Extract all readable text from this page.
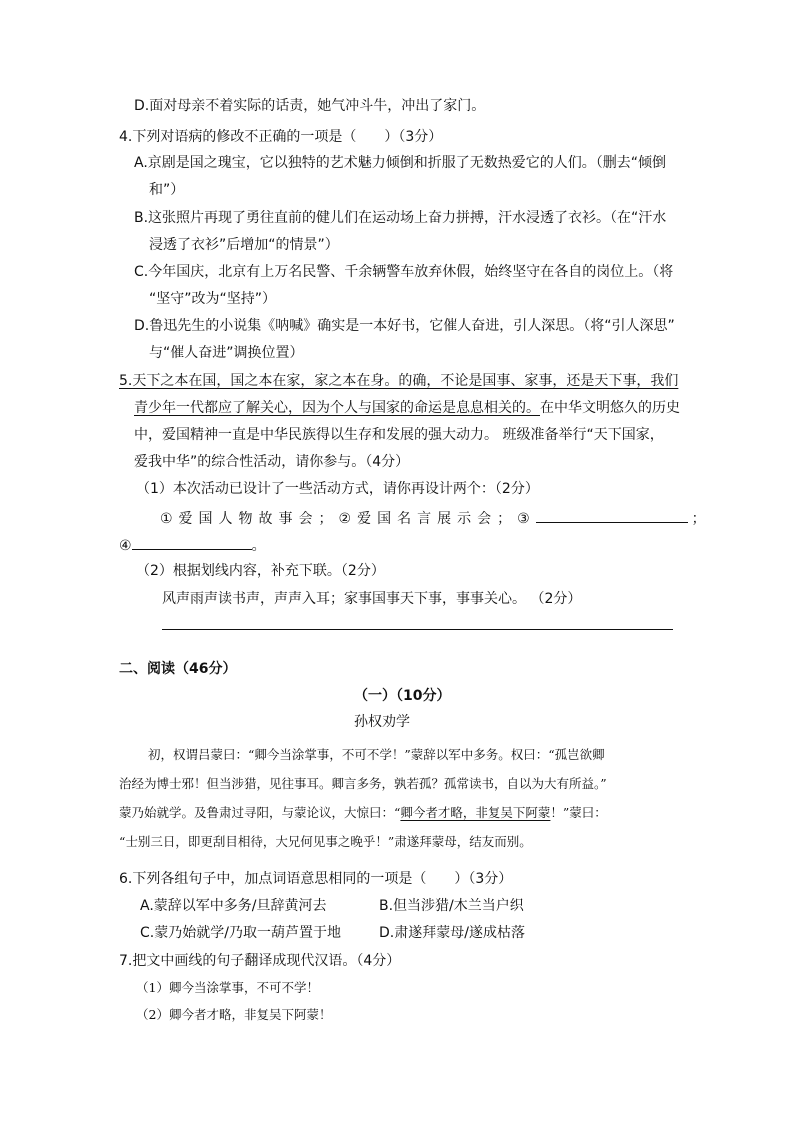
D.面对母亲不着实际的话责，她气冲斗牛，冲出了家门。
4.下列对语病的修改不正确的一项是（　　）（3分）
A.京剧是国之瑰宝，它以独特的艺术魅力倾倒和折服了无数热爱它的人们。（删去“倾倒
和”）
B.这张照片再现了勇往直前的健儿们在运动场上奋力拼搏，汗水浸透了衣衫。（在“汗水
浸透了衣衫”后增加“的情景”）
C.今年国庆，北京有上万名民警、千余辆警车放弃休假，始终坚守在各自的岗位上。（将
“坚守”改为“坚持”）
D.鲁迅先生的小说集《呐喊》确实是一本好书，它催人奋进，引人深思。（将“引人深思”
与“催人奋进”调换位置）
5.天下之本在国，国之本在家，家之本在身。的确，不论是国事、家事，还是天下事，我们
青少年一代都应了解关心，因为个人与国家的命运是息息相关的。在中华文明悠久的历史
中，爱国精神一直是中华民族得以生存和发展的强大动力。 班级准备举行“天下国家，
爱我中华”的综合性活动，请你参与。（4分）
（1）本次活动已设计了一些活动方式，请你再设计两个：（2分）
①爱国人物故事会；②爱国名言展示会；③	；
④	。
（2）根据划线内容，补充下联。（2分）
风声雨声读书声，声声入耳；家事国事天下事，事事关心。 （2分）
二、阅读（46分）
（一）（10分）
孙权劝学
初，权谓吕蒙曰：“卿今当涂掌事，不可不学！”蒙辞以军中多务。权曰：“孤岂欲卿
治经为博士邪！但当涉猎，见往事耳。卿言多务，孰若孤？孤常读书，自以为大有所益。”
蒙乃始就学。及鲁肃过寻阳，与蒙论议，大惊曰：“卿今者才略，非复吴下阿蒙！”蒙曰：
“士别三日，即更刮目相待，大兄何见事之晚乎！”肃遂拜蒙母，结友而别。
6.下列各组句子中，加点词语意思相同的一项是（　　）（3分）
A.蒙辞以军中多务/旦辞黄河去	B.但当涉猎/木兰当户织
C.蒙乃始就学/乃取一葫芦置于地	D.肃遂拜蒙母/遂成枯落
7.把文中画线的句子翻译成现代汉语。（4分）
（1）卿今当涂掌事，不可不学！
（2）卿今者才略，非复吴下阿蒙！
